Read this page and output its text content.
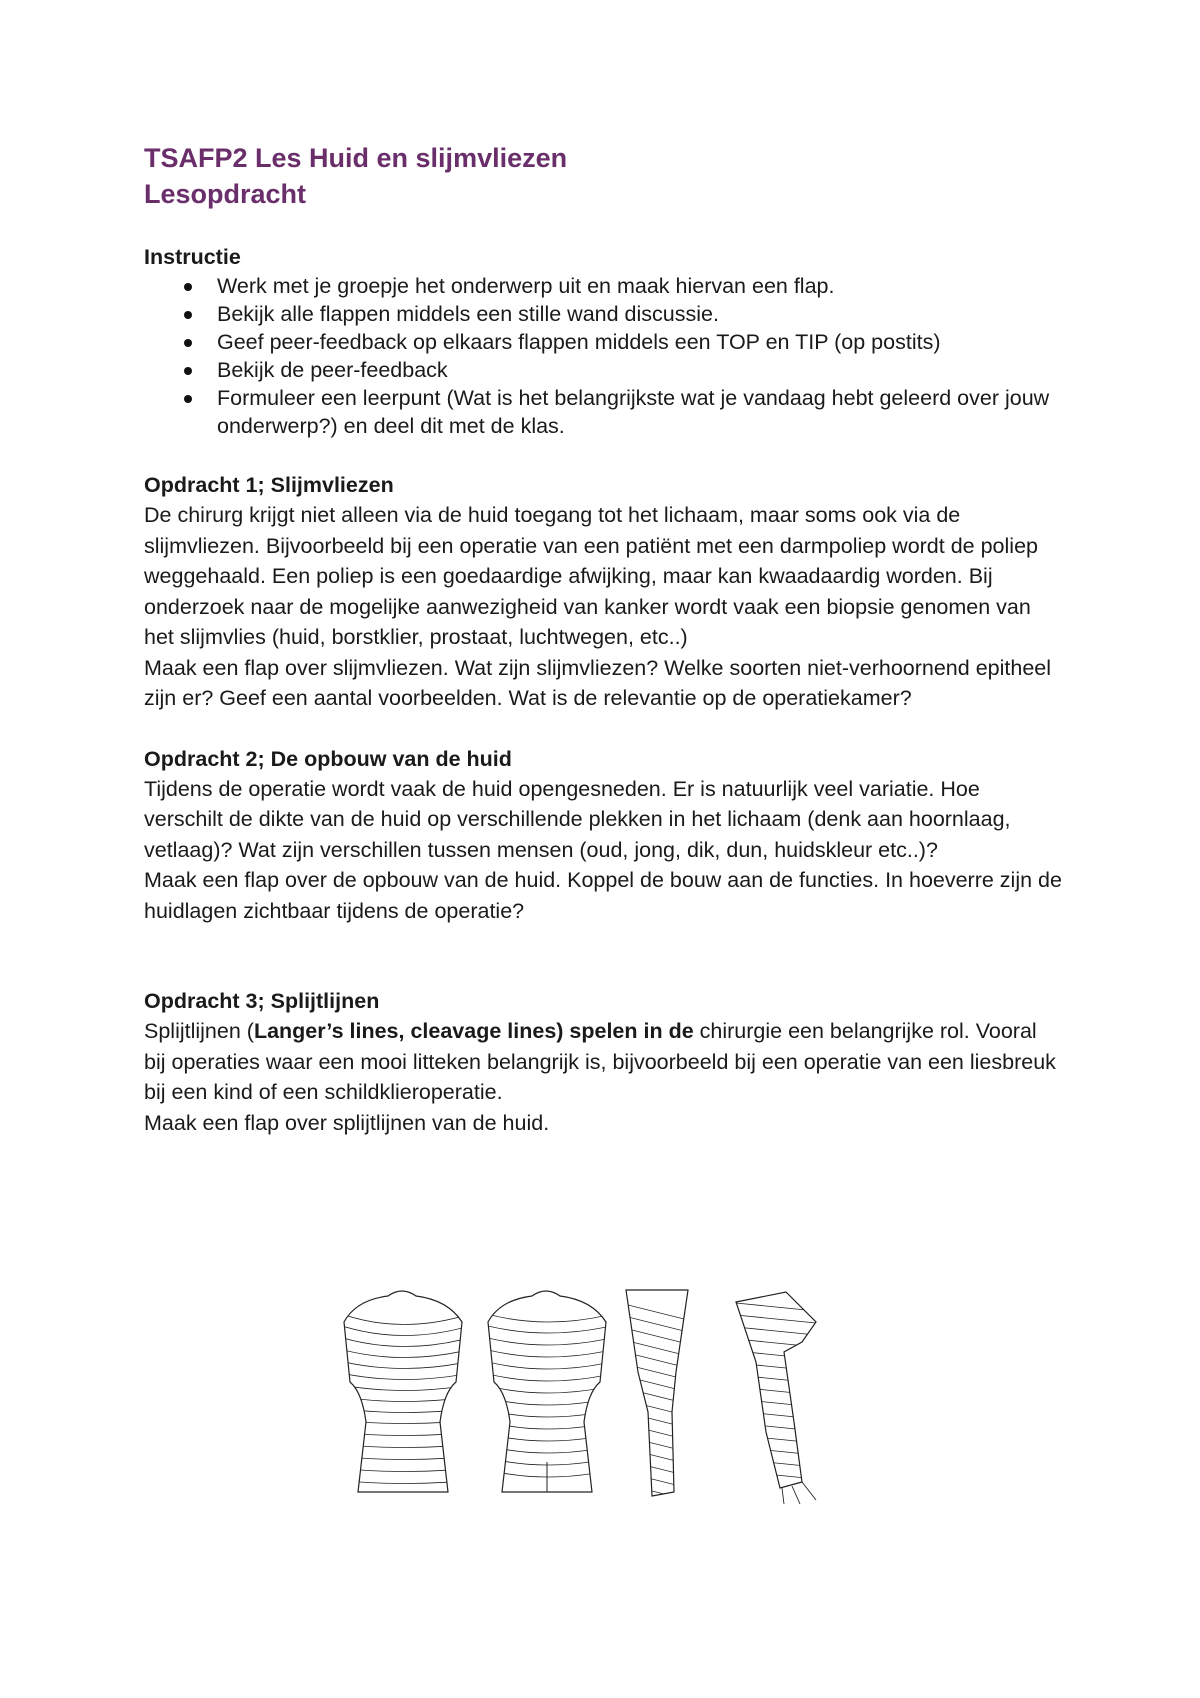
TSAFP2 Les Huid en slijmvliezen
Lesopdracht

Instructie

Werk met je groepje het onderwerp uit en maak hiervan een flap.
Bekijk alle flappen middels een stille wand discussie.
Geef peer-feedback op elkaars flappen middels een TOP en TIP (op postits)
Bekijk de peer-feedback
Formuleer een leerpunt (Wat is het belangrijkste wat je vandaag hebt geleerd over jouw onderwerp?) en deel dit met de klas.

Opdracht 1; Slijmvliezen

De chirurg krijgt niet alleen via de huid toegang tot het lichaam, maar soms ook via de slijmvliezen. Bijvoorbeeld bij een operatie van een patiënt met een darmpoliep wordt de poliep weggehaald. Een poliep is een goedaardige afwijking, maar kan kwaadaardig worden. Bij onderzoek naar de mogelijke aanwezigheid van kanker wordt vaak een biopsie genomen van het slijmvlies (huid, borstklier, prostaat, luchtwegen, etc..)

Maak een flap over slijmvliezen. Wat zijn slijmvliezen? Welke soorten niet-verhoornend epitheel zijn er? Geef een aantal voorbeelden. Wat is de relevantie op de operatiekamer?

Opdracht 2; De opbouw van de huid

Tijdens de operatie wordt vaak de huid opengesneden. Er is natuurlijk veel variatie. Hoe verschilt de dikte van de huid op verschillende plekken in het lichaam (denk aan hoornlaag, vetlaag)? Wat zijn verschillen tussen mensen (oud, jong, dik, dun, huidskleur etc..)?

Maak een flap over de opbouw van de huid. Koppel de bouw aan de functies. In hoeverre zijn de huidlagen zichtbaar tijdens de operatie?

Opdracht 3; Splijtlijnen

Splijtlijnen (Langer’s lines, cleavage lines) spelen in de chirurgie een belangrijke rol. Vooral bij operaties waar een mooi litteken belangrijk is, bijvoorbeeld bij een operatie van een liesbreuk bij een kind of een schildklieroperatie.

Maak een flap over splijtlijnen van de huid.
